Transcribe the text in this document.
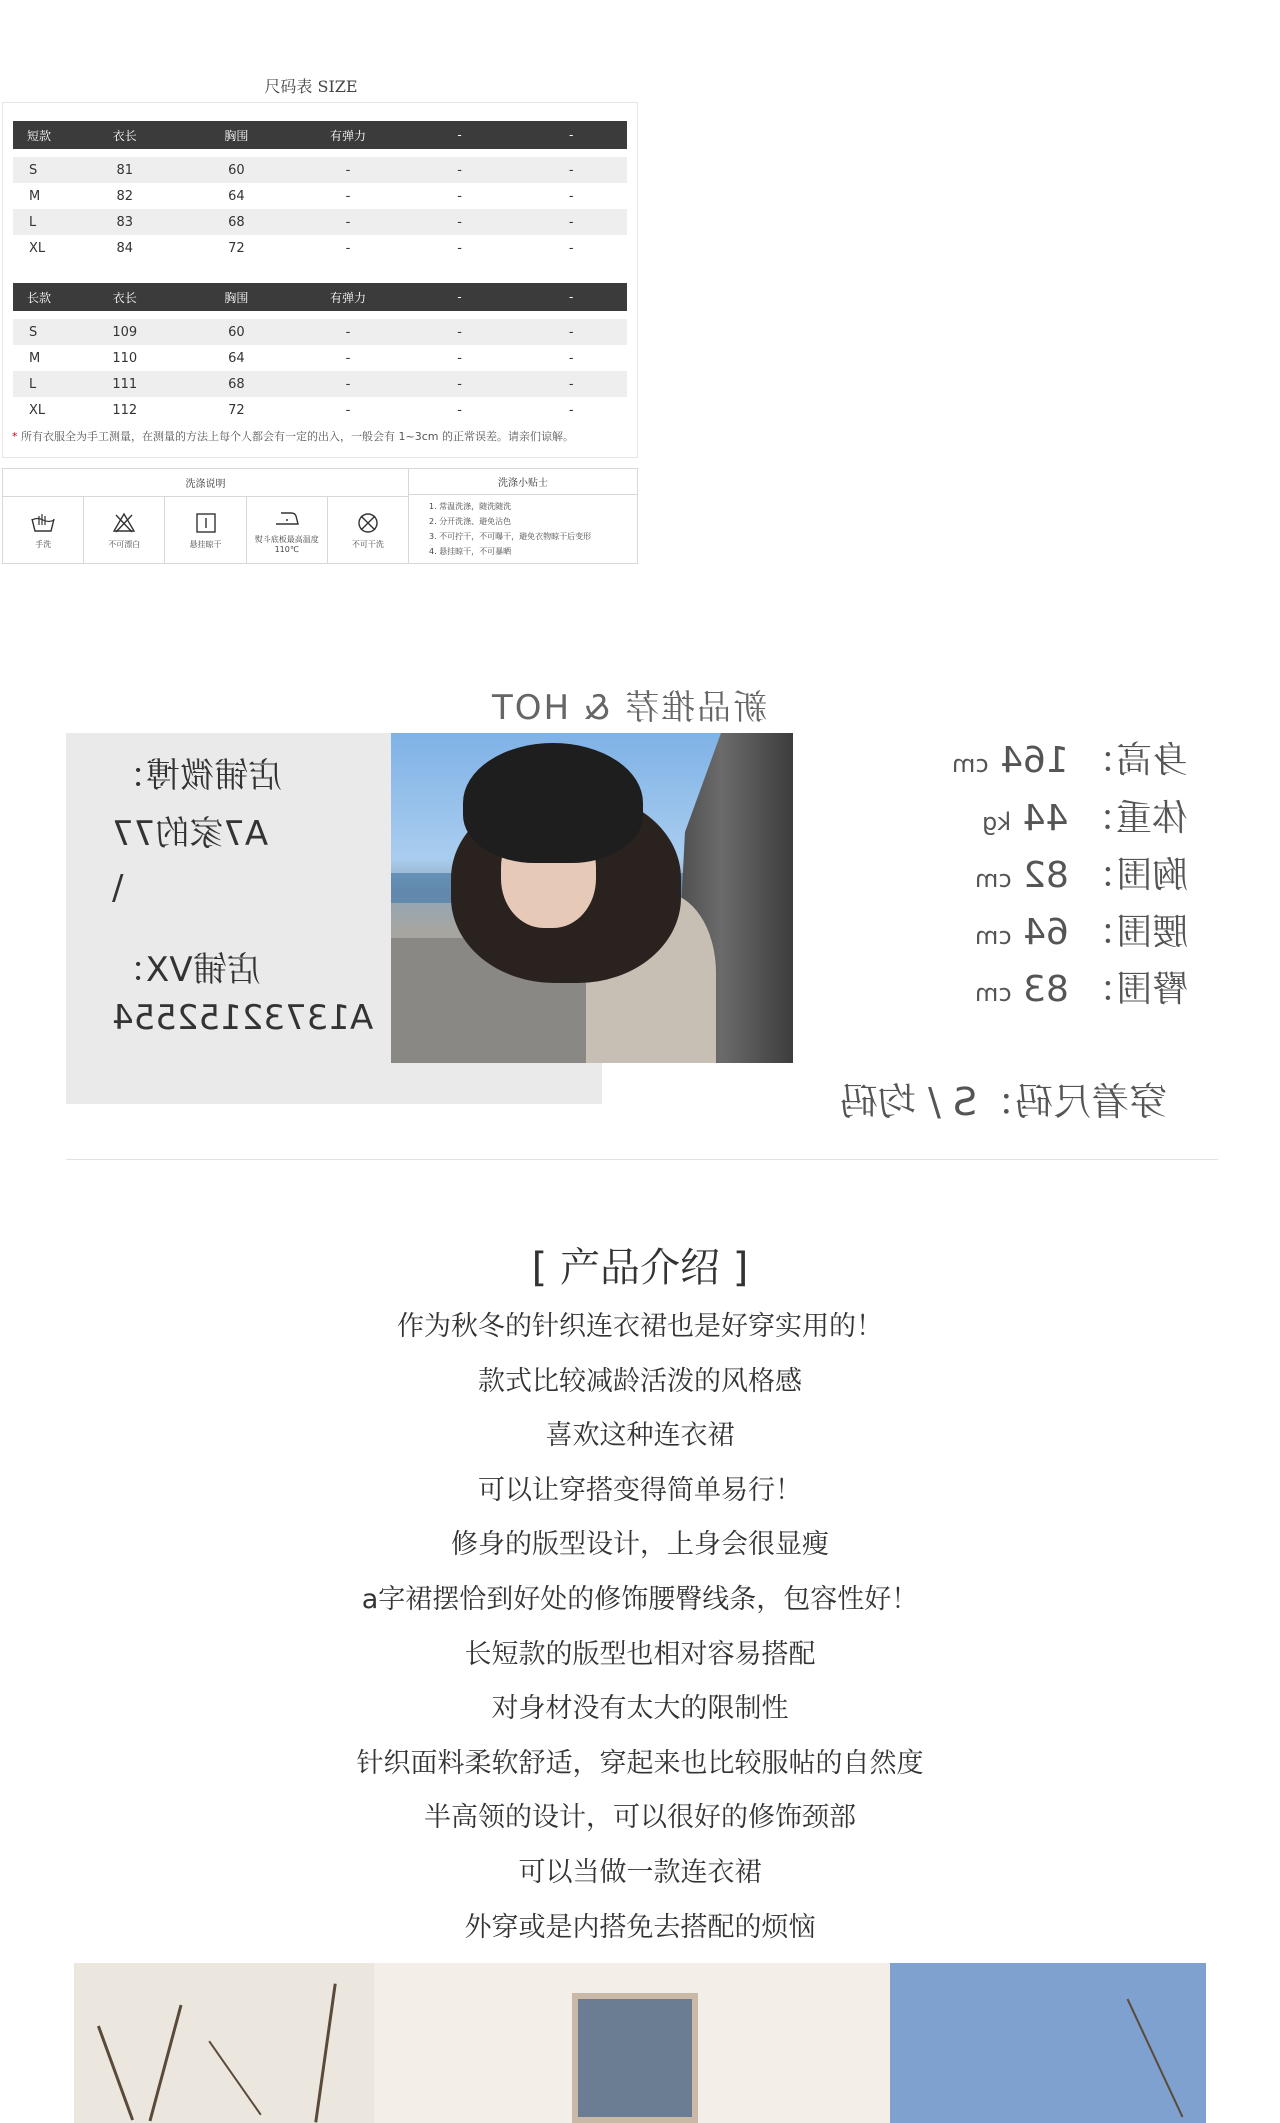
尺码表 SIZE
短款	衣长	胸围	有弹力	-	-
S	81	60	-	-	-
M	82	64	-	-	-
L	83	68	-	-	-
XL	84	72	-	-	-
长款	衣长	胸围	有弹力	-	-
S	109	60	-	-	-
M	110	64	-	-	-
L	111	68	-	-	-
XL	112	72	-	-	-
* 所有衣服全为手工测量，在测量的方法上每个人都会有一定的出入，一般会有 1~3cm 的正常误差。请亲们谅解。
洗涤说明
手洗	不可漂白	悬挂晾干	熨斗底板最高温度110℃
不可干洗
洗涤小贴士
1. 常温洗涤，随洗随洗
2. 分开洗涤、避免沾色
3. 不可拧干，不可曝干，避免衣物晾干后变形
4. 悬挂晾干，不可暴晒
新品推荐 & HOT
店铺微博：
A7家的77
\
店铺VX：
A13732152554
身高： 164 cm
体重： 44 kg
胸围： 82 cm
腰围： 64 cm
臀围： 83 cm
穿着尺码：S / 均码
[ 产品介绍 ]
作为秋冬的针织连衣裙也是好穿实用的！
款式比较减龄活泼的风格感
喜欢这种连衣裙
可以让穿搭变得简单易行！
修身的版型设计，上身会很显瘦
a字裙摆恰到好处的修饰腰臀线条，包容性好！
长短款的版型也相对容易搭配
对身材没有太大的限制性
针织面料柔软舒适，穿起来也比较服帖的自然度
半高领的设计，可以很好的修饰颈部
可以当做一款连衣裙
外穿或是内搭免去搭配的烦恼
